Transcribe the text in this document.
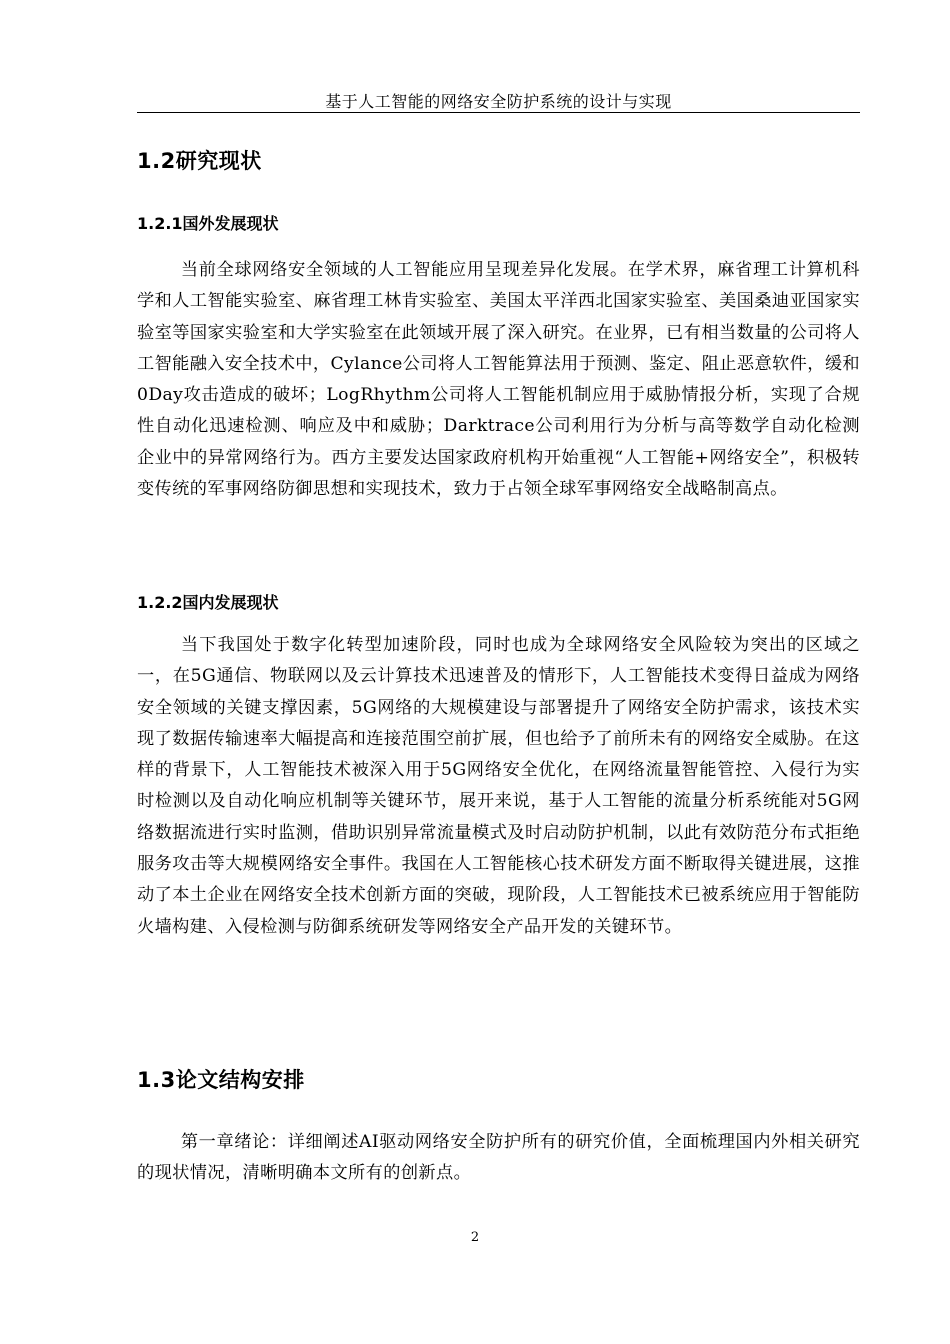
基于人工智能的网络安全防护系统的设计与实现
1.2研究现状
1.2.1国外发展现状

当前全球网络安全领域的人工智能应用呈现差异化发展。在学术界，麻省理工计算机科学和人工智能实验室、麻省理工林肯实验室、美国太平洋西北国家实验室、美国桑迪亚国家实验室等国家实验室和大学实验室在此领域开展了深入研究。在业界，已有相当数量的公司将人工智能融入安全技术中，Cylance公司将人工智能算法用于预测、鉴定、阻止恶意软件，缓和0Day攻击造成的破坏；LogRhythm公司将人工智能机制应用于威胁情报分析，实现了合规性自动化迅速检测、响应及中和威胁；Darktrace公司利用行为分析与高等数学自动化检测企业中的异常网络行为。西方主要发达国家政府机构开始重视“人工智能+网络安全”，积极转变传统的军事网络防御思想和实现技术，致力于占领全球军事网络安全战略制高点。

1.2.2国内发展现状

当下我国处于数字化转型加速阶段，同时也成为全球网络安全风险较为突出的区域之一，在5G通信、物联网以及云计算技术迅速普及的情形下，人工智能技术变得日益成为网络安全领域的关键支撑因素，5G网络的大规模建设与部署提升了网络安全防护需求，该技术实现了数据传输速率大幅提高和连接范围空前扩展，但也给予了前所未有的网络安全威胁。在这样的背景下，人工智能技术被深入用于5G网络安全优化，在网络流量智能管控、入侵行为实时检测以及自动化响应机制等关键环节，展开来说，基于人工智能的流量分析系统能对5G网络数据流进行实时监测，借助识别异常流量模式及时启动防护机制，以此有效防范分布式拒绝服务攻击等大规模网络安全事件。我国在人工智能核心技术研发方面不断取得关键进展，这推动了本土企业在网络安全技术创新方面的突破，现阶段，人工智能技术已被系统应用于智能防火墙构建、入侵检测与防御系统研发等网络安全产品开发的关键环节。

1.3论文结构安排

第一章绪论：详细阐述AI驱动网络安全防护所有的研究价值，全面梳理国内外相关研究的现状情况，清晰明确本文所有的创新点。

2
